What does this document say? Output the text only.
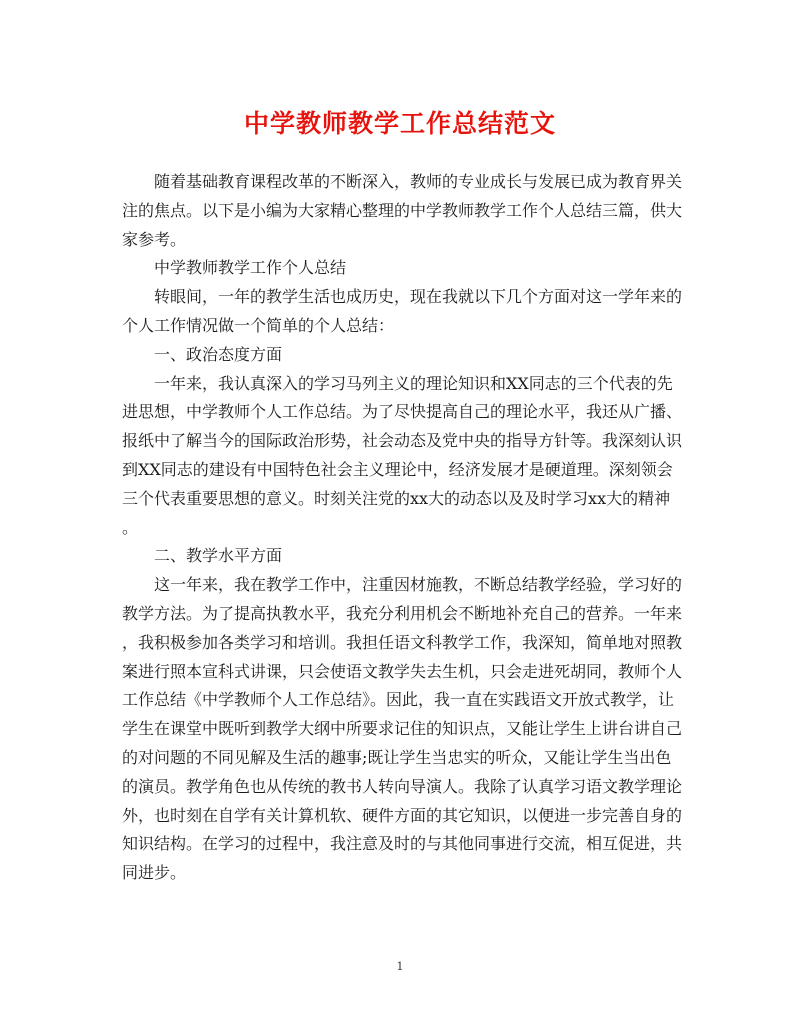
中学教师教学工作总结范文
随着基础教育课程改革的不断深入，教师的专业成长与发展已成为教育界关
注的焦点。以下是小编为大家精心整理的中学教师教学工作个人总结三篇，供大
家参考。
中学教师教学工作个人总结
转眼间，一年的教学生活也成历史，现在我就以下几个方面对这一学年来的
个人工作情况做一个简单的个人总结：
一、政治态度方面
一年来，我认真深入的学习马列主义的理论知识和XX同志的三个代表的先
进思想，中学教师个人工作总结。为了尽快提高自己的理论水平，我还从广播、
报纸中了解当今的国际政治形势，社会动态及党中央的指导方针等。我深刻认识
到XX同志的建设有中国特色社会主义理论中，经济发展才是硬道理。深刻领会
三个代表重要思想的意义。时刻关注党的xx大的动态以及及时学习xx大的精神
。
二、教学水平方面
这一年来，我在教学工作中，注重因材施教，不断总结教学经验，学习好的
教学方法。为了提高执教水平，我充分利用机会不断地补充自己的营养。一年来
，我积极参加各类学习和培训。我担任语文科教学工作，我深知，简单地对照教
案进行照本宣科式讲课，只会使语文教学失去生机，只会走进死胡同，教师个人
工作总结《中学教师个人工作总结》。因此，我一直在实践语文开放式教学，让
学生在课堂中既听到教学大纲中所要求记住的知识点，又能让学生上讲台讲自己
的对问题的不同见解及生活的趣事;既让学生当忠实的听众，又能让学生当出色
的演员。教学角色也从传统的教书人转向导演人。我除了认真学习语文教学理论
外，也时刻在自学有关计算机软、硬件方面的其它知识，以便进一步完善自身的
知识结构。在学习的过程中，我注意及时的与其他同事进行交流，相互促进，共
同进步。
1
